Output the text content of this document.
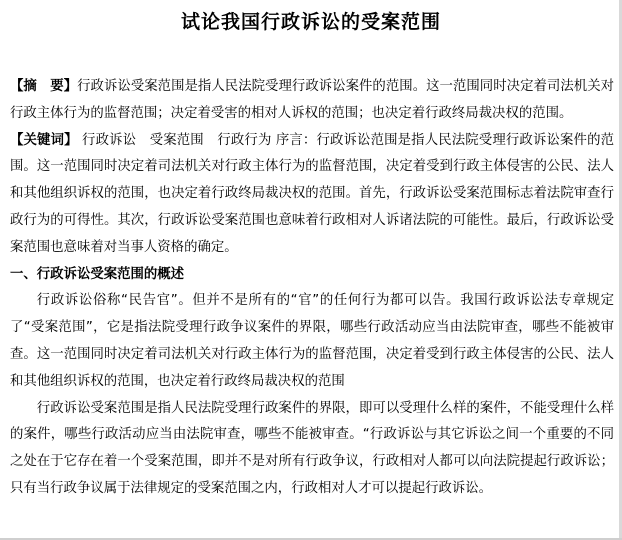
试论我国行政诉讼的受案范围

【摘　要】行政诉讼受案范围是指人民法院受理行政诉讼案件的范围。这一范围同时决定着司法机关对行政主体行为的监督范围；决定着受害的相对人诉权的范围；也决定着行政终局裁决权的范围。

【关键词】 行政诉讼　受案范围　行政行为 序言：行政诉讼范围是指人民法院受理行政诉讼案件的范围。这一范围同时决定着司法机关对行政主体行为的监督范围，决定着受到行政主体侵害的公民、法人和其他组织诉权的范围，也决定着行政终局裁决权的范围。首先，行政诉讼受案范围标志着法院审查行政行为的可得性。其次，行政诉讼受案范围也意味着行政相对人诉诸法院的可能性。最后，行政诉讼受案范围也意味着对当事人资格的确定。

一、行政诉讼受案范围的概述

行政诉讼俗称“民告官”。但并不是所有的“官”的任何行为都可以告。我国行政诉讼法专章规定了“受案范围”，它是指法院受理行政争议案件的界限，哪些行政活动应当由法院审查，哪些不能被审查。这一范围同时决定着司法机关对行政主体行为的监督范围，决定着受到行政主体侵害的公民、法人和其他组织诉权的范围，也决定着行政终局裁决权的范围

行政诉讼受案范围是指人民法院受理行政案件的界限，即可以受理什么样的案件，不能受理什么样的案件，哪些行政活动应当由法院审查，哪些不能被审查。“行政诉讼与其它诉讼之间一个重要的不同之处在于它存在着一个受案范围，即并不是对所有行政争议，行政相对人都可以向法院提起行政诉讼；只有当行政争议属于法律规定的受案范围之内，行政相对人才可以提起行政诉讼。
